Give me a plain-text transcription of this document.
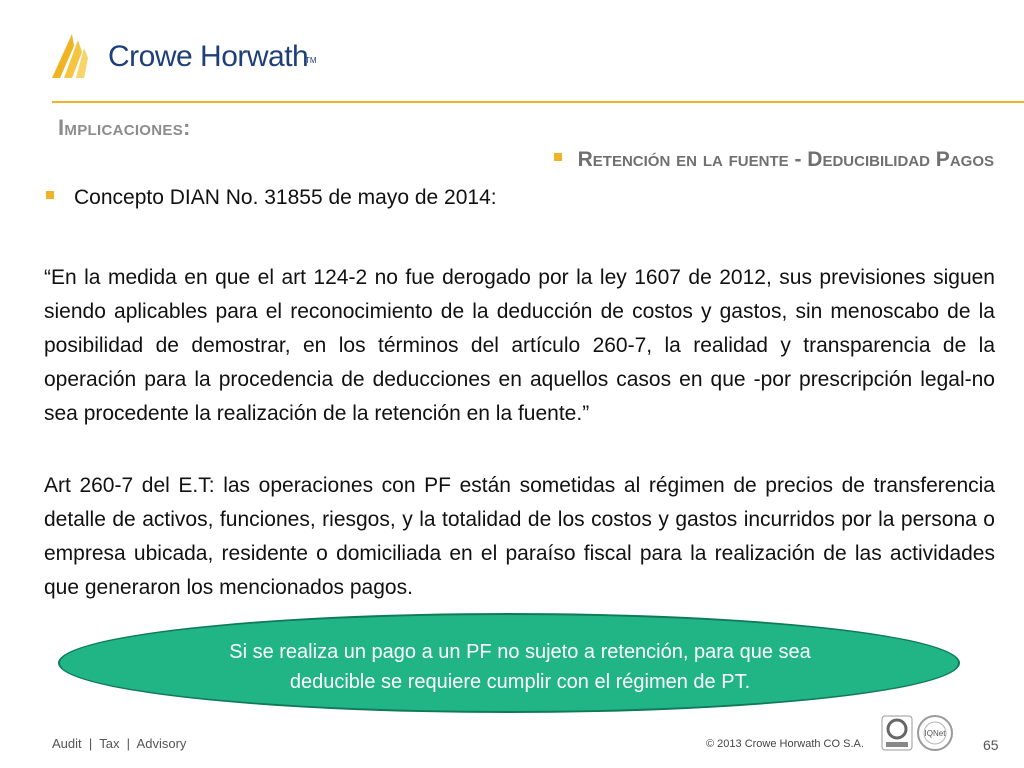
Crowe Horwath
TM
Implicaciones:
Retención en la fuente - Deducibilidad Pagos
Concepto DIAN No. 31855 de mayo de 2014:
“En la medida en que el art 124-2 no fue derogado por la ley 1607 de 2012, sus previsiones siguen siendo aplicables para el reconocimiento de la deducción de costos y gastos, sin menoscabo de la posibilidad de demostrar, en los términos del artículo 260-7, la realidad y transparencia de la operación para la procedencia de deducciones en aquellos casos en que -por prescripción legal-no sea procedente la realización de la retención en la fuente.”
Art 260-7 del E.T: las operaciones con PF están sometidas al régimen de precios de transferencia detalle de activos, funciones, riesgos, y la totalidad de los costos y gastos incurridos por la persona o empresa ubicada, residente o domiciliada en el paraíso fiscal para la realización de las actividades que generaron los mencionados pagos.
Si se realiza un pago a un PF no sujeto a retención, para que sea
deducible se requiere cumplir con el régimen de PT.
Audit  |  Tax  |  Advisory	© 2013 Crowe Horwath CO S.A.
IQNet
65
